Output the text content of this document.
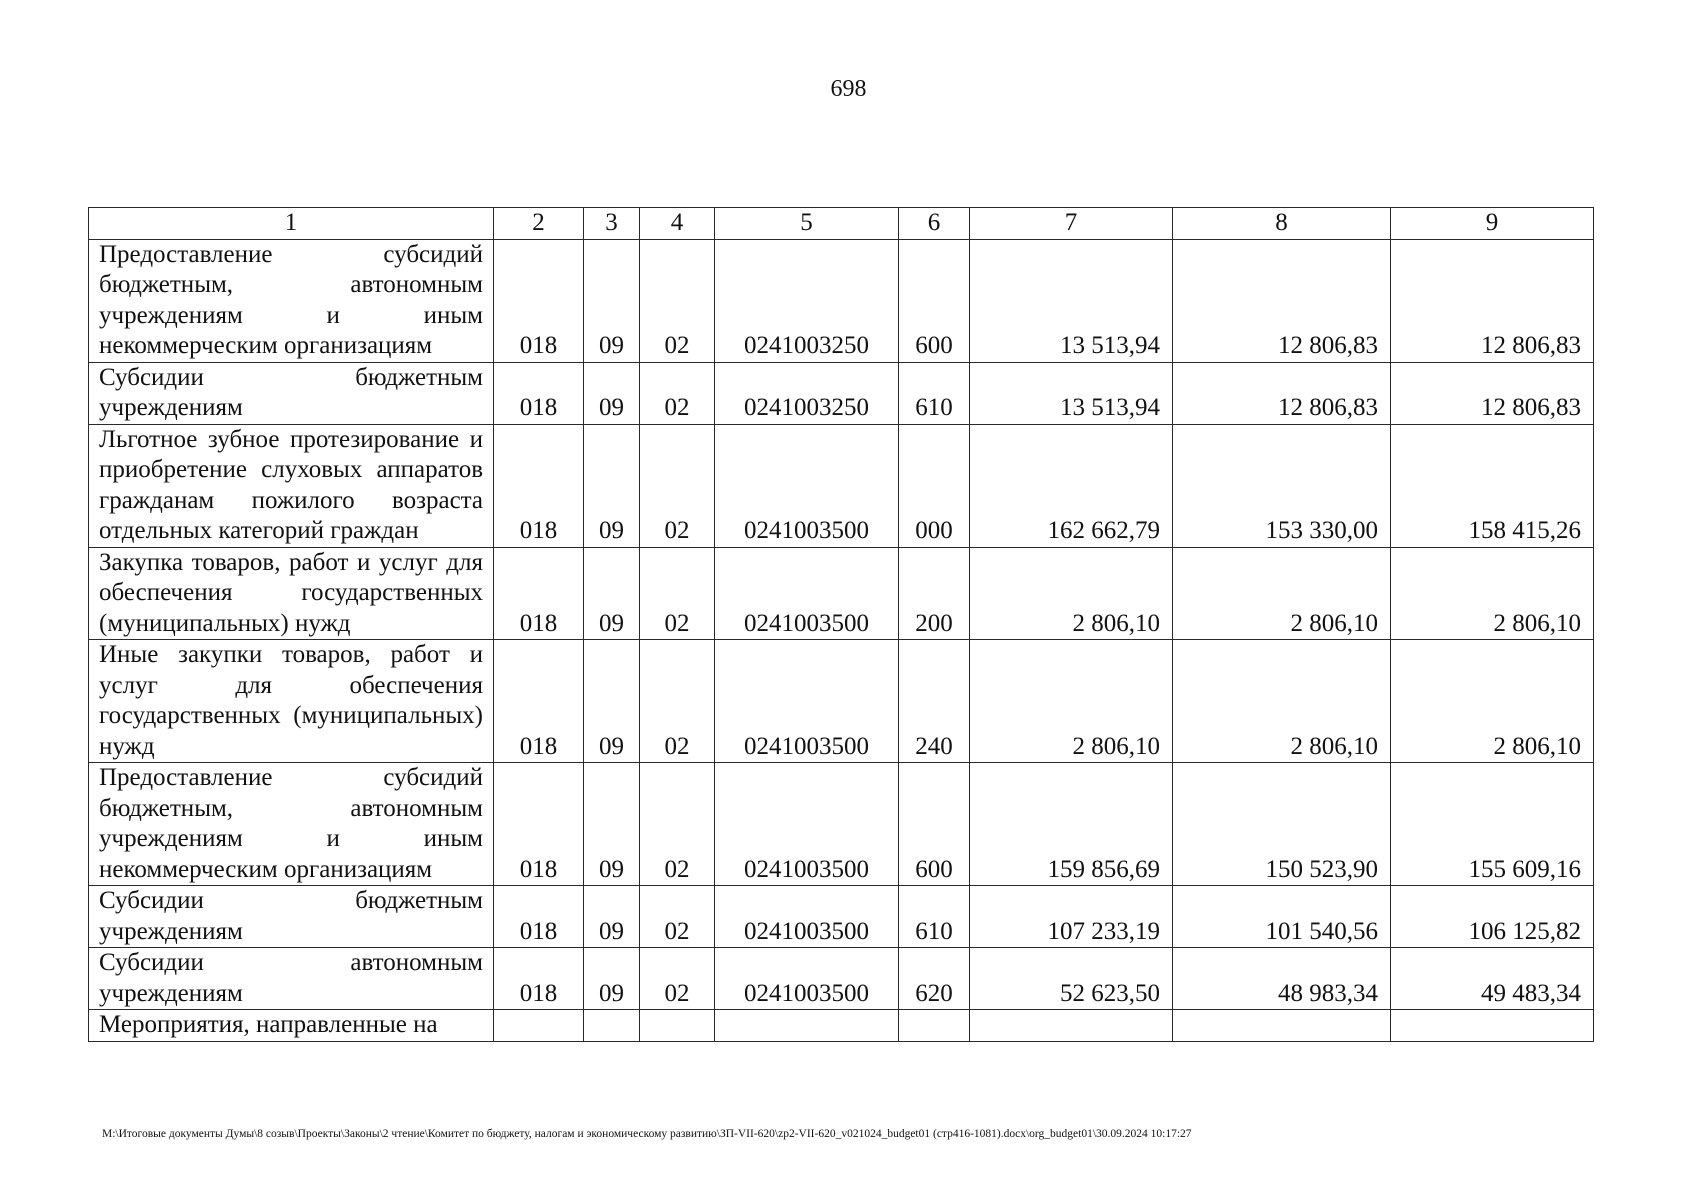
698
1	2	3	4	5	6	7	8	9
Предоставление субсидий бюджетным, автономным учреждениям и иным некоммерческим организациям	018	09	02	0241003250	600	13 513,94	12 806,83	12 806,83
Субсидии бюджетным учреждениям	018	09	02	0241003250	610	13 513,94	12 806,83	12 806,83
Льготное зубное протезирование и приобретение слуховых аппаратов гражданам пожилого возраста отдельных категорий граждан	018	09	02	0241003500	000	162 662,79	153 330,00	158 415,26
Закупка товаров, работ и услуг для обеспечения государственных (муниципальных) нужд	018	09	02	0241003500	200	2 806,10	2 806,10	2 806,10
Иные закупки товаров, работ и услуг для обеспечения государственных (муниципальных) нужд	018	09	02	0241003500	240	2 806,10	2 806,10	2 806,10
Предоставление субсидий бюджетным, автономным учреждениям и иным некоммерческим организациям	018	09	02	0241003500	600	159 856,69	150 523,90	155 609,16
Субсидии бюджетным учреждениям	018	09	02	0241003500	610	107 233,19	101 540,56	106 125,82
Субсидии автономным учреждениям	018	09	02	0241003500	620	52 623,50	48 983,34	49 483,34
Мероприятия, направленные на								
M:\Итоговые документы Думы\8 созыв\Проекты\Законы\2 чтение\Комитет по бюджету, налогам и экономическому развитию\ЗП-VII-620\zp2-VII-620_v021024_budget01 (стр416-1081).docx\org_budget01\30.09.2024 10:17:27
